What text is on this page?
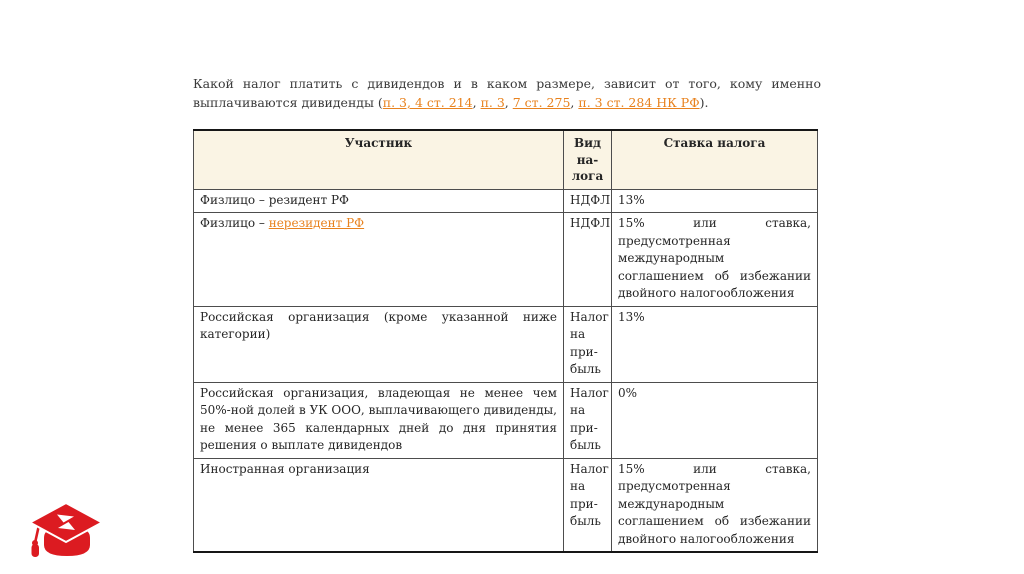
Какой налог платить с дивидендов и в каком размере, зависит от того, кому именно выплачиваются дивиденды (п. 3, 4 ст. 214, п. 3, 7 ст. 275, п. 3 ст. 284 НК РФ).

Участник	Вид налога	Ставка налога
Физлицо – резидент РФ	НДФЛ	13%
Физлицо – нерезидент РФ	НДФЛ	15% или ставка, предусмотренная международным соглашением об избежании двойного налогообложения
Российская организация (кроме указанной ниже категории)	Налог на прибыль	13%
Российская организация, владеющая не менее чем 50%-ной долей в УК ООО, выплачивающего дивиденды, не менее 365 календарных дней до дня принятия решения о выплате дивидендов	Налог на прибыль	0%
Иностранная организация	Налог на прибыль	15% или ставка, предусмотренная международным соглашением об избежании двойного налогообложения
